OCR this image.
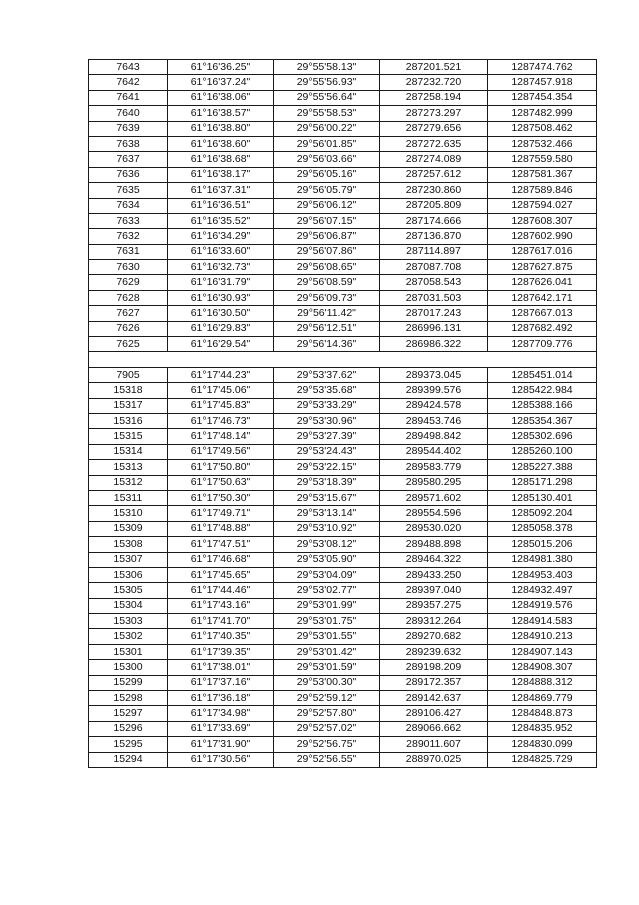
7643	61°16'36.25"	29°55'58.13"	287201.521	1287474.762
7642	61°16'37.24"	29°55'56.93"	287232.720	1287457.918
7641	61°16'38.06"	29°55'56.64"	287258.194	1287454.354
7640	61°16'38.57"	29°55'58.53"	287273.297	1287482.999
7639	61°16'38.80"	29°56'00.22"	287279.656	1287508.462
7638	61°16'38.60"	29°56'01.85"	287272.635	1287532.466
7637	61°16'38.68"	29°56'03.66"	287274.089	1287559.580
7636	61°16'38.17"	29°56'05.16"	287257.612	1287581.367
7635	61°16'37.31"	29°56'05.79"	287230.860	1287589.846
7634	61°16'36.51"	29°56'06.12"	287205.809	1287594.027
7633	61°16'35.52"	29°56'07.15"	287174.666	1287608.307
7632	61°16'34.29"	29°56'06.87"	287136.870	1287602.990
7631	61°16'33.60"	29°56'07.86"	287114.897	1287617.016
7630	61°16'32.73"	29°56'08.65"	287087.708	1287627.875
7629	61°16'31.79"	29°56'08.59"	287058.543	1287626.041
7628	61°16'30.93"	29°56'09.73"	287031.503	1287642.171
7627	61°16'30.50"	29°56'11.42"	287017.243	1287667.013
7626	61°16'29.83"	29°56'12.51"	286996.131	1287682.492
7625	61°16'29.54"	29°56'14.36"	286986.322	1287709.776

7905	61°17'44.23"	29°53'37.62"	289373.045	1285451.014
15318	61°17'45.06"	29°53'35.68"	289399.576	1285422.984
15317	61°17'45.83"	29°53'33.29"	289424.578	1285388.166
15316	61°17'46.73"	29°53'30.96"	289453.746	1285354.367
15315	61°17'48.14"	29°53'27.39"	289498.842	1285302.696
15314	61°17'49.56"	29°53'24.43"	289544.402	1285260.100
15313	61°17'50.80"	29°53'22.15"	289583.779	1285227.388
15312	61°17'50.63"	29°53'18.39"	289580.295	1285171.298
15311	61°17'50.30"	29°53'15.67"	289571.602	1285130.401
15310	61°17'49.71"	29°53'13.14"	289554.596	1285092.204
15309	61°17'48.88"	29°53'10.92"	289530.020	1285058.378
15308	61°17'47.51"	29°53'08.12"	289488.898	1285015.206
15307	61°17'46.68"	29°53'05.90"	289464.322	1284981.380
15306	61°17'45.65"	29°53'04.09"	289433.250	1284953.403
15305	61°17'44.46"	29°53'02.77"	289397.040	1284932.497
15304	61°17'43.16"	29°53'01.99"	289357.275	1284919.576
15303	61°17'41.70"	29°53'01.75"	289312.264	1284914.583
15302	61°17'40.35"	29°53'01.55"	289270.682	1284910.213
15301	61°17'39.35"	29°53'01.42"	289239.632	1284907.143
15300	61°17'38.01"	29°53'01.59"	289198.209	1284908.307
15299	61°17'37.16"	29°53'00.30"	289172.357	1284888.312
15298	61°17'36.18"	29°52'59.12"	289142.637	1284869.779
15297	61°17'34.98"	29°52'57.80"	289106.427	1284848.873
15296	61°17'33.69"	29°52'57.02"	289066.662	1284835.952
15295	61°17'31.90"	29°52'56.75"	289011.607	1284830.099
15294	61°17'30.56"	29°52'56.55"	288970.025	1284825.729
